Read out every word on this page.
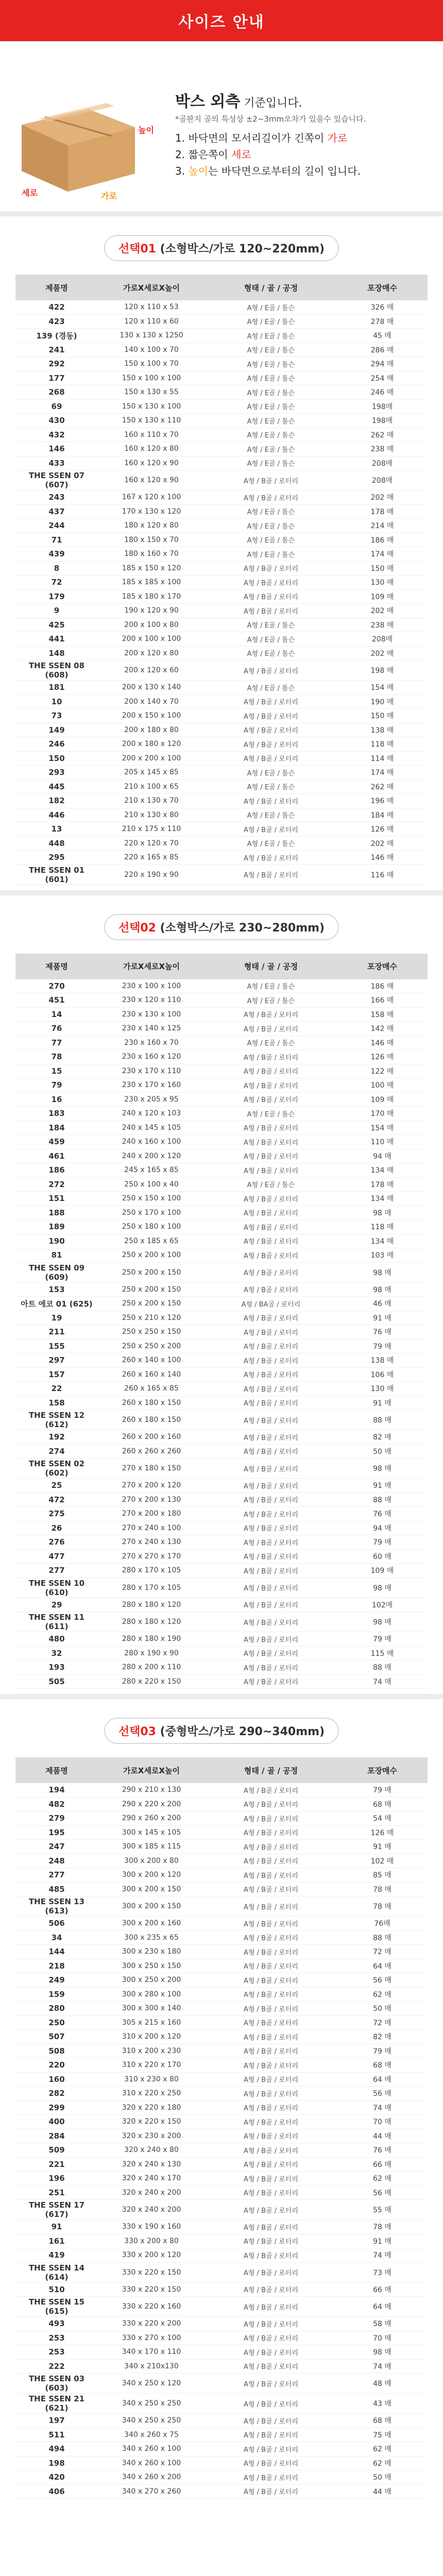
사이즈 안내
높이
가로
세로
박스 외측 기준입니다.
*골판지 골의 특성상 ±2~3mm오차가 있을수 있습니다.
1. 바닥면의 모서리길이가 긴쪽이 가로
2. 짧은쪽이 세로
3. 높이는 바닥면으로부터의 길이 입니다.
선택01 (소형박스/가로 120~220mm)
제품명	가로X세로X높이	형태 / 골 / 공정	포장매수
422	120 x 110 x 53	A형 / E골 / 톰슨	326 매
423	120 x 110 x 60	A형 / E골 / 톰슨	278 매
139 (경동)	130 x 130 x 1250	A형 / E골 / 톰슨	45 매
241	140 x 100 x 70	A형 / E골 / 톰슨	286 매
292	150 x 100 x 70	A형 / E골 / 톰슨	294 매
177	150 x 100 x 100	A형 / E골 / 톰슨	254 매
268	150 x 130 x 55	A형 / E골 / 톰슨	246 매
69	150 x 130 x 100	A형 / E골 / 톰슨	198매
430	150 x 130 x 110	A형 / E골 / 톰슨	198매
432	160 x 110 x 70	A형 / E골 / 톰슨	262 매
146	160 x 120 x 80	A형 / E골 / 톰슨	238 매
433	160 x 120 x 90	A형 / E골 / 톰슨	208매
THE SSEN 07 (607)	160 x 120 x 90	A형 / B골 / 로터리	208매
243	167 x 120 x 100	A형 / B골 / 로터리	202 매
437	170 x 130 x 120	A형 / E골 / 톰슨	178 매
244	180 x 120 x 80	A형 / E골 / 톰슨	214 매
71	180 x 150 x 70	A형 / E골 / 톰슨	186 매
439	180 x 160 x 70	A형 / E골 / 톰슨	174 매
8	185 x 150 x 120	A형 / B골 / 로터리	150 매
72	185 x 185 x 100	A형 / B골 / 로터리	130 매
179	185 x 180 x 170	A형 / B골 / 로터리	109 매
9	190 x 120 x 90	A형 / B골 / 로터리	202 매
425	200 x 100 x 80	A형 / E골 / 톰슨	238 매
441	200 x 100 x 100	A형 / E골 / 톰슨	208매
148	200 x 120 x 80	A형 / E골 / 톰슨	202 매
THE SSEN 08 (608)	200 x 120 x 60	A형 / B골 / 로터리	198 매
181	200 x 130 x 140	A형 / E골 / 톰슨	154 매
10	200 x 140 x 70	A형 / B골 / 로터리	190 매
73	200 x 150 x 100	A형 / B골 / 로터리	150 매
149	200 x 180 x 80	A형 / B골 / 로터리	138 매
246	200 x 180 x 120	A형 / B골 / 로터리	118 매
150	200 x 200 x 100	A형 / B골 / 로터리	114 매
293	205 x 145 x 85	A형 / E골 / 톰슨	174 매
445	210 x 100 x 65	A형 / E골 / 톰슨	262 매
182	210 x 130 x 70	A형 / B골 / 로터리	196 매
446	210 x 130 x 80	A형 / E골 / 톰슨	184 매
13	210 x 175 x 110	A형 / B골 / 로터리	126 매
448	220 x 120 x 70	A형 / E골 / 톰슨	202 매
295	220 x 165 x 85	A형 / B골 / 로터리	146 매
THE SSEN 01 (601)	220 x 190 x 90	A형 / B골 / 로터리	116 매
선택02 (소형박스/가로 230~280mm)
제품명	가로X세로X높이	형태 / 골 / 공정	포장매수
270	230 x 100 x 100	A형 / E골 / 톰슨	186 매
451	230 x 120 x 110	A형 / E골 / 톰슨	166 매
14	230 x 130 x 100	A형 / B골 / 로터리	158 매
76	230 x 140 x 125	A형 / B골 / 로터리	142 매
77	230 x 160 x 70	A형 / E골 / 톰슨	146 매
78	230 x 160 x 120	A형 / B골 / 로터리	126 매
15	230 x 170 x 110	A형 / B골 / 로터리	122 매
79	230 x 170 x 160	A형 / B골 / 로터리	100 매
16	230 x 205 x 95	A형 / B골 / 로터리	109 매
183	240 x 120 x 103	A형 / E골 / 톰슨	170 매
184	240 x 145 x 105	A형 / B골 / 로터리	154 매
459	240 x 160 x 100	A형 / B골 / 로터리	110 매
461	240 x 200 x 120	A형 / B골 / 로터리	94 매
186	245 x 165 x 85	A형 / B골 / 로터리	134 매
272	250 x 100 x 40	A형 / E골 / 톰슨	178 매
151	250 x 150 x 100	A형 / B골 / 로터리	134 매
188	250 x 170 x 100	A형 / B골 / 로터리	98 매
189	250 x 180 x 100	A형 / B골 / 로터리	118 매
190	250 x 185 x 65	A형 / B골 / 로터리	134 매
81	250 x 200 x 100	A형 / B골 / 로터리	103 매
THE SSEN 09 (609)	250 x 200 x 150	A형 / B골 / 로터리	98 매
153	250 x 200 x 150	A형 / B골 / 로터리	98 매
아트 에코 01 (625)	250 x 200 x 150	A형 / BA골 / 로터리	46 매
19	250 x 210 x 120	A형 / B골 / 로터리	91 매
211	250 x 250 x 150	A형 / B골 / 로터리	76 매
155	250 x 250 x 200	A형 / B골 / 로터리	79 매
297	260 x 140 x 100	A형 / B골 / 로터리	138 매
157	260 x 160 x 140	A형 / B골 / 로터리	106 매
22	260 x 165 x 85	A형 / B골 / 로터리	130 매
158	260 x 180 x 150	A형 / B골 / 로터리	91 매
THE SSEN 12 (612)	260 x 180 x 150	A형 / B골 / 로터리	88 매
192	260 x 200 x 160	A형 / B골 / 로터리	82 매
274	260 x 260 x 260	A형 / B골 / 로터리	50 매
THE SSEN 02 (602)	270 x 180 x 150	A형 / B골 / 로터리	98 매
25	270 x 200 x 120	A형 / B골 / 로터리	91 매
472	270 x 200 x 130	A형 / B골 / 로터리	88 매
275	270 x 200 x 180	A형 / B골 / 로터리	76 매
26	270 x 240 x 100	A형 / B골 / 로터리	94 매
276	270 x 240 x 130	A형 / B골 / 로터리	79 매
477	270 x 270 x 170	A형 / B골 / 로터리	60 매
277	280 x 170 x 105	A형 / B골 / 로터리	109 매
THE SSEN 10 (610)	280 x 170 x 105	A형 / B골 / 로터리	98 매
29	280 x 180 x 120	A형 / B골 / 로터리	102매
THE SSEN 11 (611)	280 x 180 x 120	A형 / B골 / 로터리	98 매
480	280 x 180 x 190	A형 / B골 / 로터리	79 매
32	280 x 190 x 90	A형 / B골 / 로터리	115 매
193	280 x 200 x 110	A형 / B골 / 로터리	88 매
505	280 x 220 x 150	A형 / B골 / 로터리	74 매
선택03 (중형박스/가로 290~340mm)
제품명	가로X세로X높이	형태 / 골 / 공정	포장매수
194	290 x 210 x 130	A형 / B골 / 로터리	79 매
482	290 x 220 x 200	A형 / B골 / 로터리	68 매
279	290 x 260 x 200	A형 / B골 / 로터리	54 매
195	300 x 145 x 105	A형 / B골 / 로터리	126 매
247	300 x 185 x 115	A형 / B골 / 로터리	91 매
248	300 x 200 x 80	A형 / B골 / 로터리	102 매
277	300 x 200 x 120	A형 / B골 / 로터리	85 매
485	300 x 200 x 150	A형 / B골 / 로터리	78 매
THE SSEN 13 (613)	300 x 200 x 150	A형 / B골 / 로터리	78 매
506	300 x 200 x 160	A형 / B골 / 로터리	76매
34	300 x 235 x 65	A형 / B골 / 로터리	88 매
144	300 x 230 x 180	A형 / B골 / 로터리	72 매
218	300 x 250 x 150	A형 / B골 / 로터리	64 매
249	300 x 250 x 200	A형 / B골 / 로터리	56 매
159	300 x 280 x 100	A형 / B골 / 로터리	62 매
280	300 x 300 x 140	A형 / B골 / 로터리	50 매
250	305 x 215 x 160	A형 / B골 / 로터리	72 매
507	310 x 200 x 120	A형 / B골 / 로터리	82 매
508	310 x 200 x 230	A형 / B골 / 로터리	79 매
220	310 x 220 x 170	A형 / B골 / 로터리	68 매
160	310 x 230 x 80	A형 / B골 / 로터리	64 매
282	310 x 220 x 250	A형 / B골 / 로터리	56 매
299	320 x 220 x 180	A형 / B골 / 로터리	74 매
400	320 x 220 x 150	A형 / B골 / 로터리	70 매
284	320 x 230 x 200	A형 / B골 / 로터리	44 매
509	320 x 240 x 80	A형 / B골 / 로터리	76 매
221	320 x 240 x 130	A형 / B골 / 로터리	66 매
196	320 x 240 x 170	A형 / B골 / 로터리	62 매
251	320 x 240 x 200	A형 / B골 / 로터리	56 매
THE SSEN 17 (617)	320 x 240 x 200	A형 / B골 / 로터리	55 매
91	330 x 190 x 160	A형 / B골 / 로터리	78 매
161	330 x 200 x 80	A형 / B골 / 로터리	91 매
419	330 x 200 x 120	A형 / B골 / 로터리	74 매
THE SSEN 14 (614)	330 x 220 x 150	A형 / B골 / 로터리	73 매
510	330 x 220 x 150	A형 / B골 / 로터리	66 매
THE SSEN 15 (615)	330 x 220 x 160	A형 / B골 / 로터리	64 매
493	330 x 220 x 200	A형 / B골 / 로터리	58 매
253	330 x 270 x 100	A형 / B골 / 로터리	70 매
253	340 x 170 x 110	A형 / B골 / 로터리	98 매
222	340 x 210x130	A형 / B골 / 로터리	74 매
THE SSEN 03 (603)	340 x 250 x 120	A형 / B골 / 로터리	48 매
THE SSEN 21 (621)	340 x 250 x 250	A형 / B골 / 로터리	43 매
197	340 x 250 x 250	A형 / B골 / 로터리	68 매
511	340 x 260 x 75	A형 / B골 / 로터리	75 매
494	340 x 260 x 100	A형 / B골 / 로터리	62 매
198	340 x 260 x 100	A형 / B골 / 로터리	62 매
420	340 x 260 x 200	A형 / B골 / 로터리	50 매
406	340 x 270 x 260	A형 / B골 / 로터리	44 매
